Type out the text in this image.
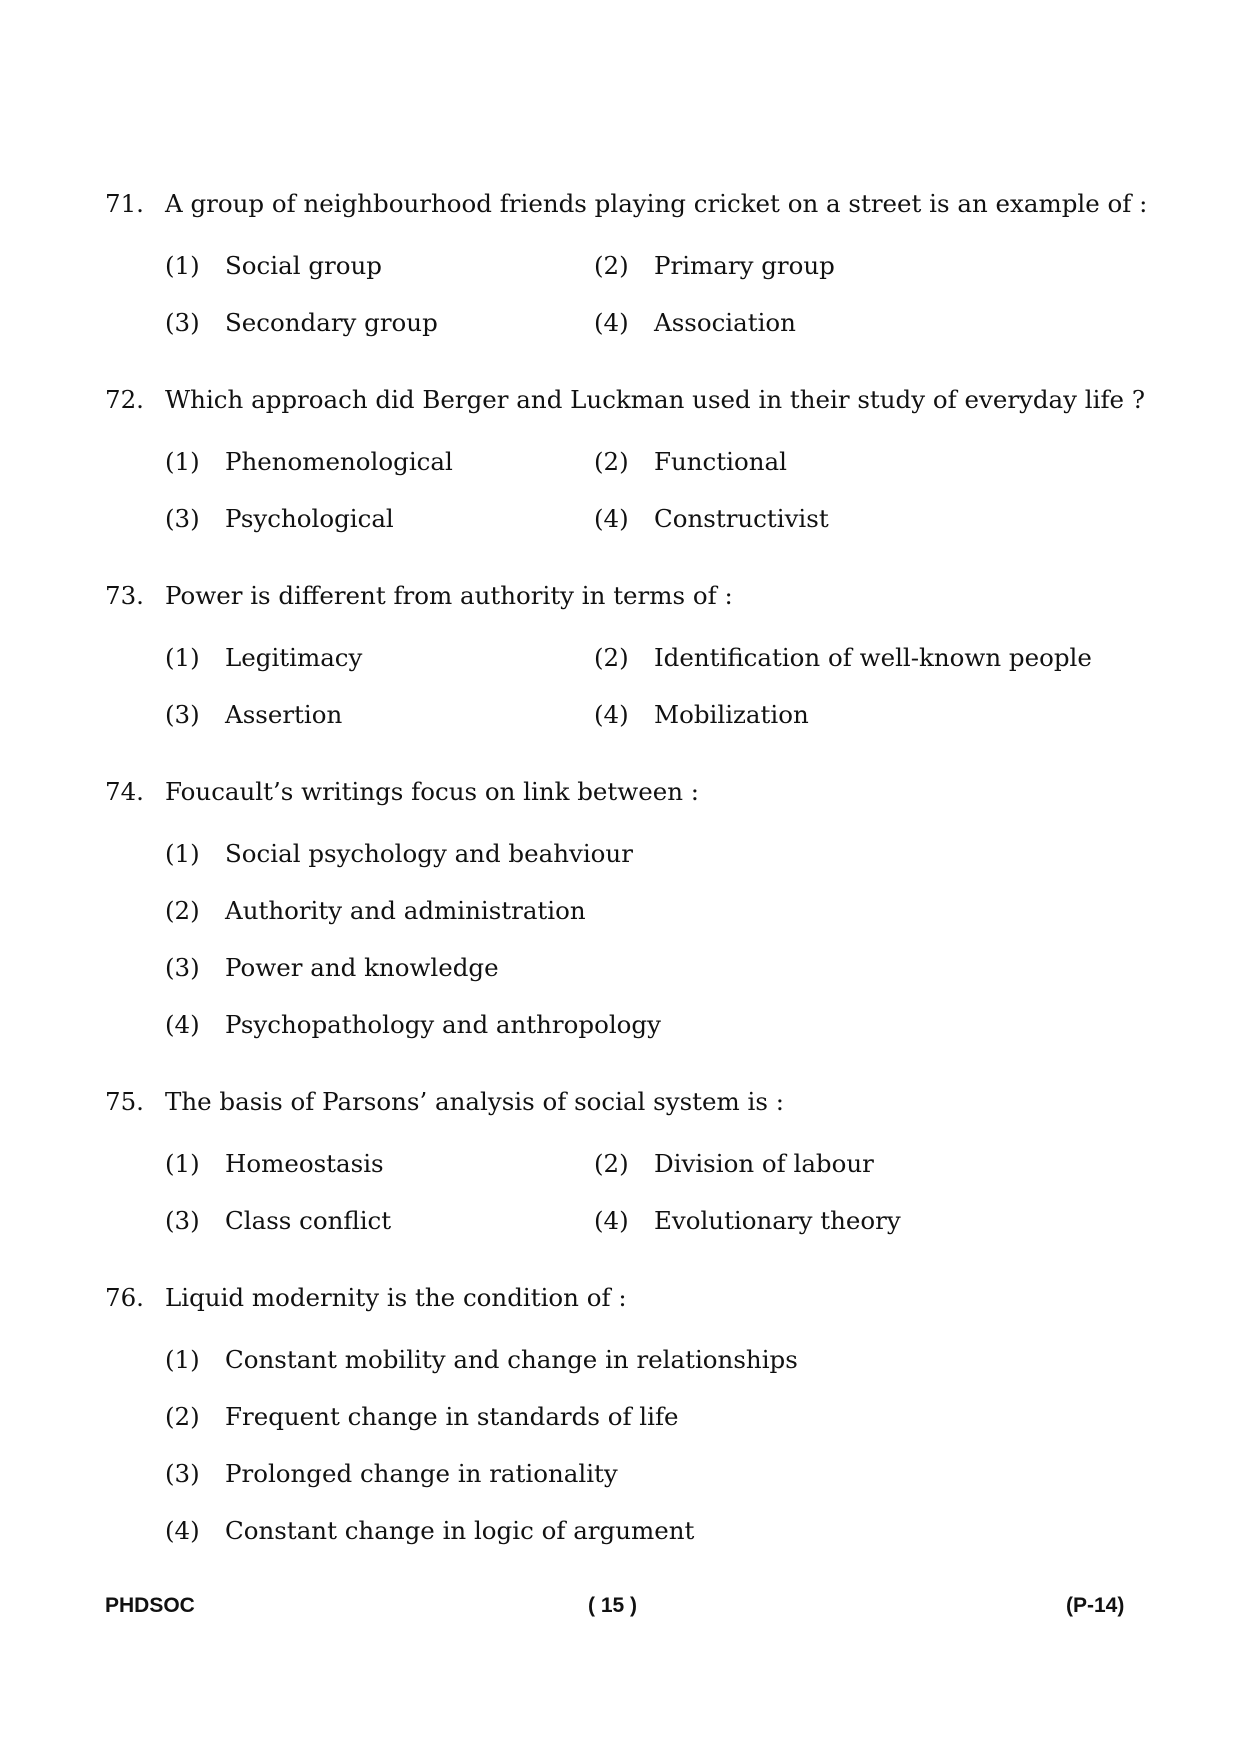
71. A group of neighbourhood friends playing cricket on a street is an example of :
(1) Social group	(2) Primary group
(3) Secondary group	(4) Association
72. Which approach did Berger and Luckman used in their study of everyday life ?
(1) Phenomenological	(2) Functional
(3) Psychological	(4) Constructivist
73. Power is different from authority in terms of :
(1) Legitimacy	(2) Identification of well-known people
(3) Assertion	(4) Mobilization
74. Foucault’s writings focus on link between :
(1) Social psychology and beahviour
(2) Authority and administration
(3) Power and knowledge
(4) Psychopathology and anthropology
75. The basis of Parsons’ analysis of social system is :
(1) Homeostasis	(2) Division of labour
(3) Class conflict	(4) Evolutionary theory
76. Liquid modernity is the condition of :
(1) Constant mobility and change in relationships
(2) Frequent change in standards of life
(3) Prolonged change in rationality
(4) Constant change in logic of argument
PHDSOC	( 15 )	(P-14)
